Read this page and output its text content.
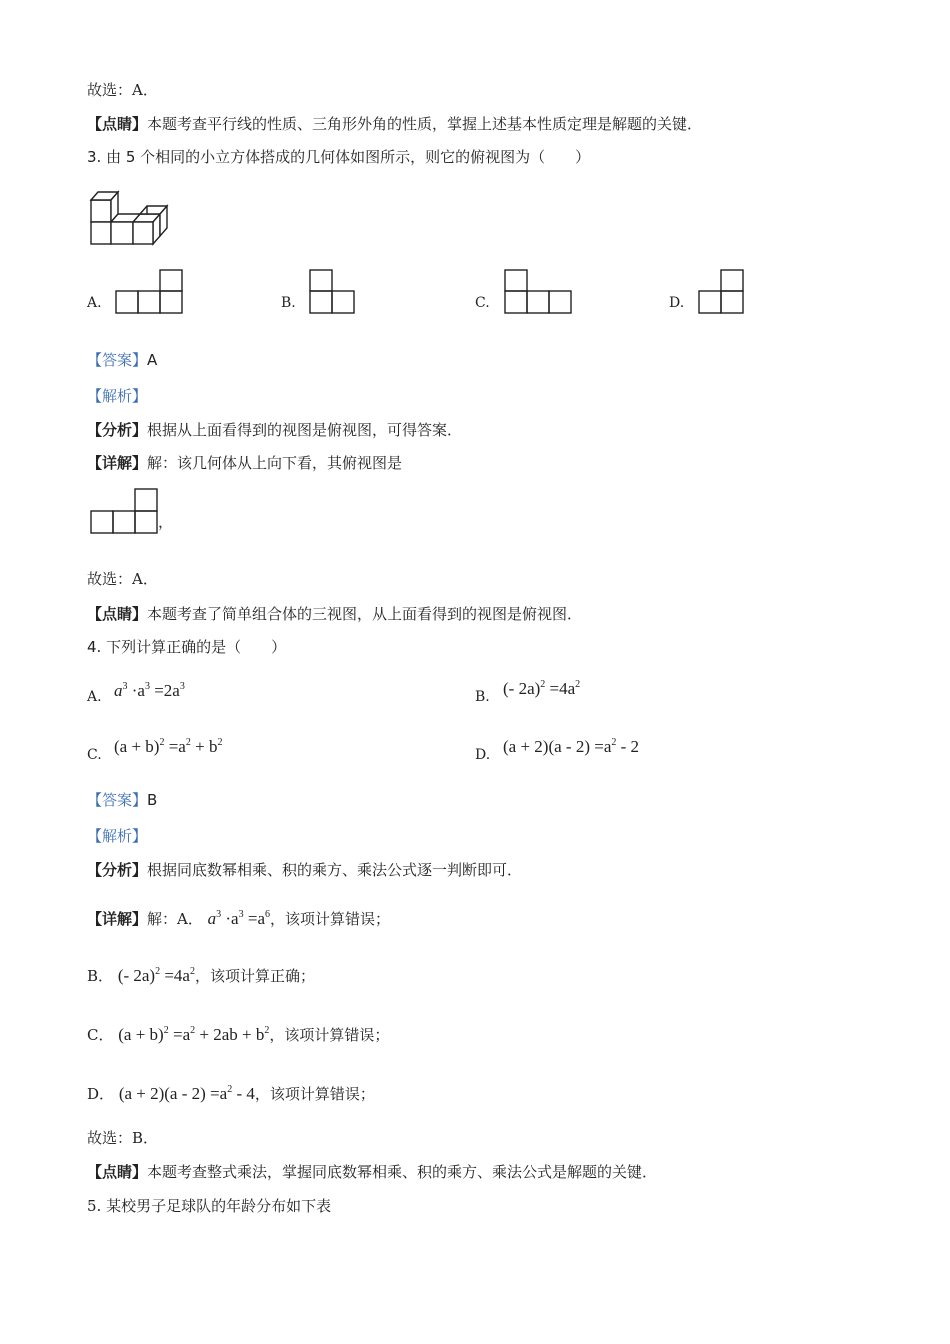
故选：A．
【点睛】本题考查平行线的性质、三角形外角的性质，掌握上述基本性质定理是解题的关键．
3. 由 5 个相同的小立方体搭成的几何体如图所示，则它的俯视图为（　　）
A.	B.	C.	D.
【答案】A
【解析】
【分析】根据从上面看得到的视图是俯视图，可得答案．
【详解】解：该几何体从上向下看，其俯视图是
，
故选：A．
【点睛】本题考查了简单组合体的三视图，从上面看得到的视图是俯视图．
4. 下列计算正确的是（　　）
A. $a^3 \cdot a^3 =2a^3$
B. (- $2a)^2 =4a^2$
C. $(a + b)^2 =a^2 + b^2$
D. $(a + 2)(a - 2) =a^2 - 2$
【答案】B
【解析】
【分析】根据同底数幂相乘、积的乘方、乘法公式逐一判断即可．
【详解】解：A． $a^3 \cdot a^3 =a^6$，该项计算错误；
B． (- $2a)^2 =4a^2$，该项计算正确；
C． $(a + b)^2 =a^2 + 2ab + b^2$，该项计算错误；
D． $(a + 2)(a - 2) =a^2 - 4$，该项计算错误；
故选：B．
【点睛】本题考查整式乘法，掌握同底数幂相乘、积的乘方、乘法公式是解题的关键．
5. 某校男子足球队的年龄分布如下表
